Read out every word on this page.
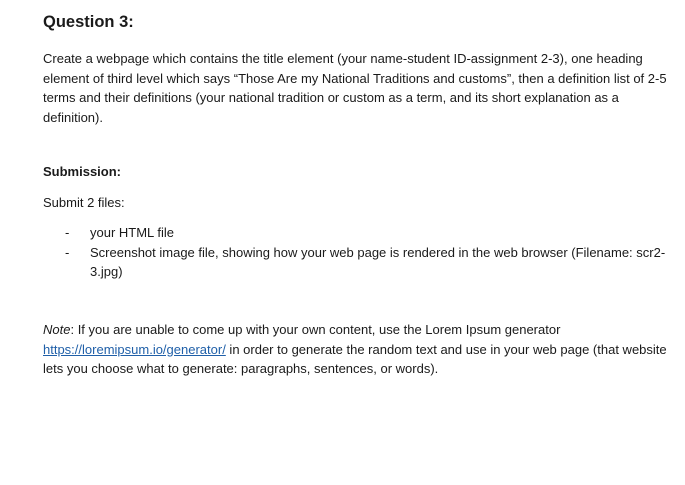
Question 3:

Create a webpage which contains the title element (your name-student ID-assignment 2-3), one heading element of third level which says “Those Are my National Traditions and customs”, then a definition list of 2-5 terms and their definitions (your national tradition or custom as a term, and its short explanation as a definition).

Submission:

Submit 2 files:

- your HTML file
- Screenshot image file, showing how your web page is rendered in the web browser (Filename: scr2-3.jpg)

Note: If you are unable to come up with your own content, use the Lorem Ipsum generator https://loremipsum.io/generator/ in order to generate the random text and use in your web page (that website lets you choose what to generate: paragraphs, sentences, or words).
